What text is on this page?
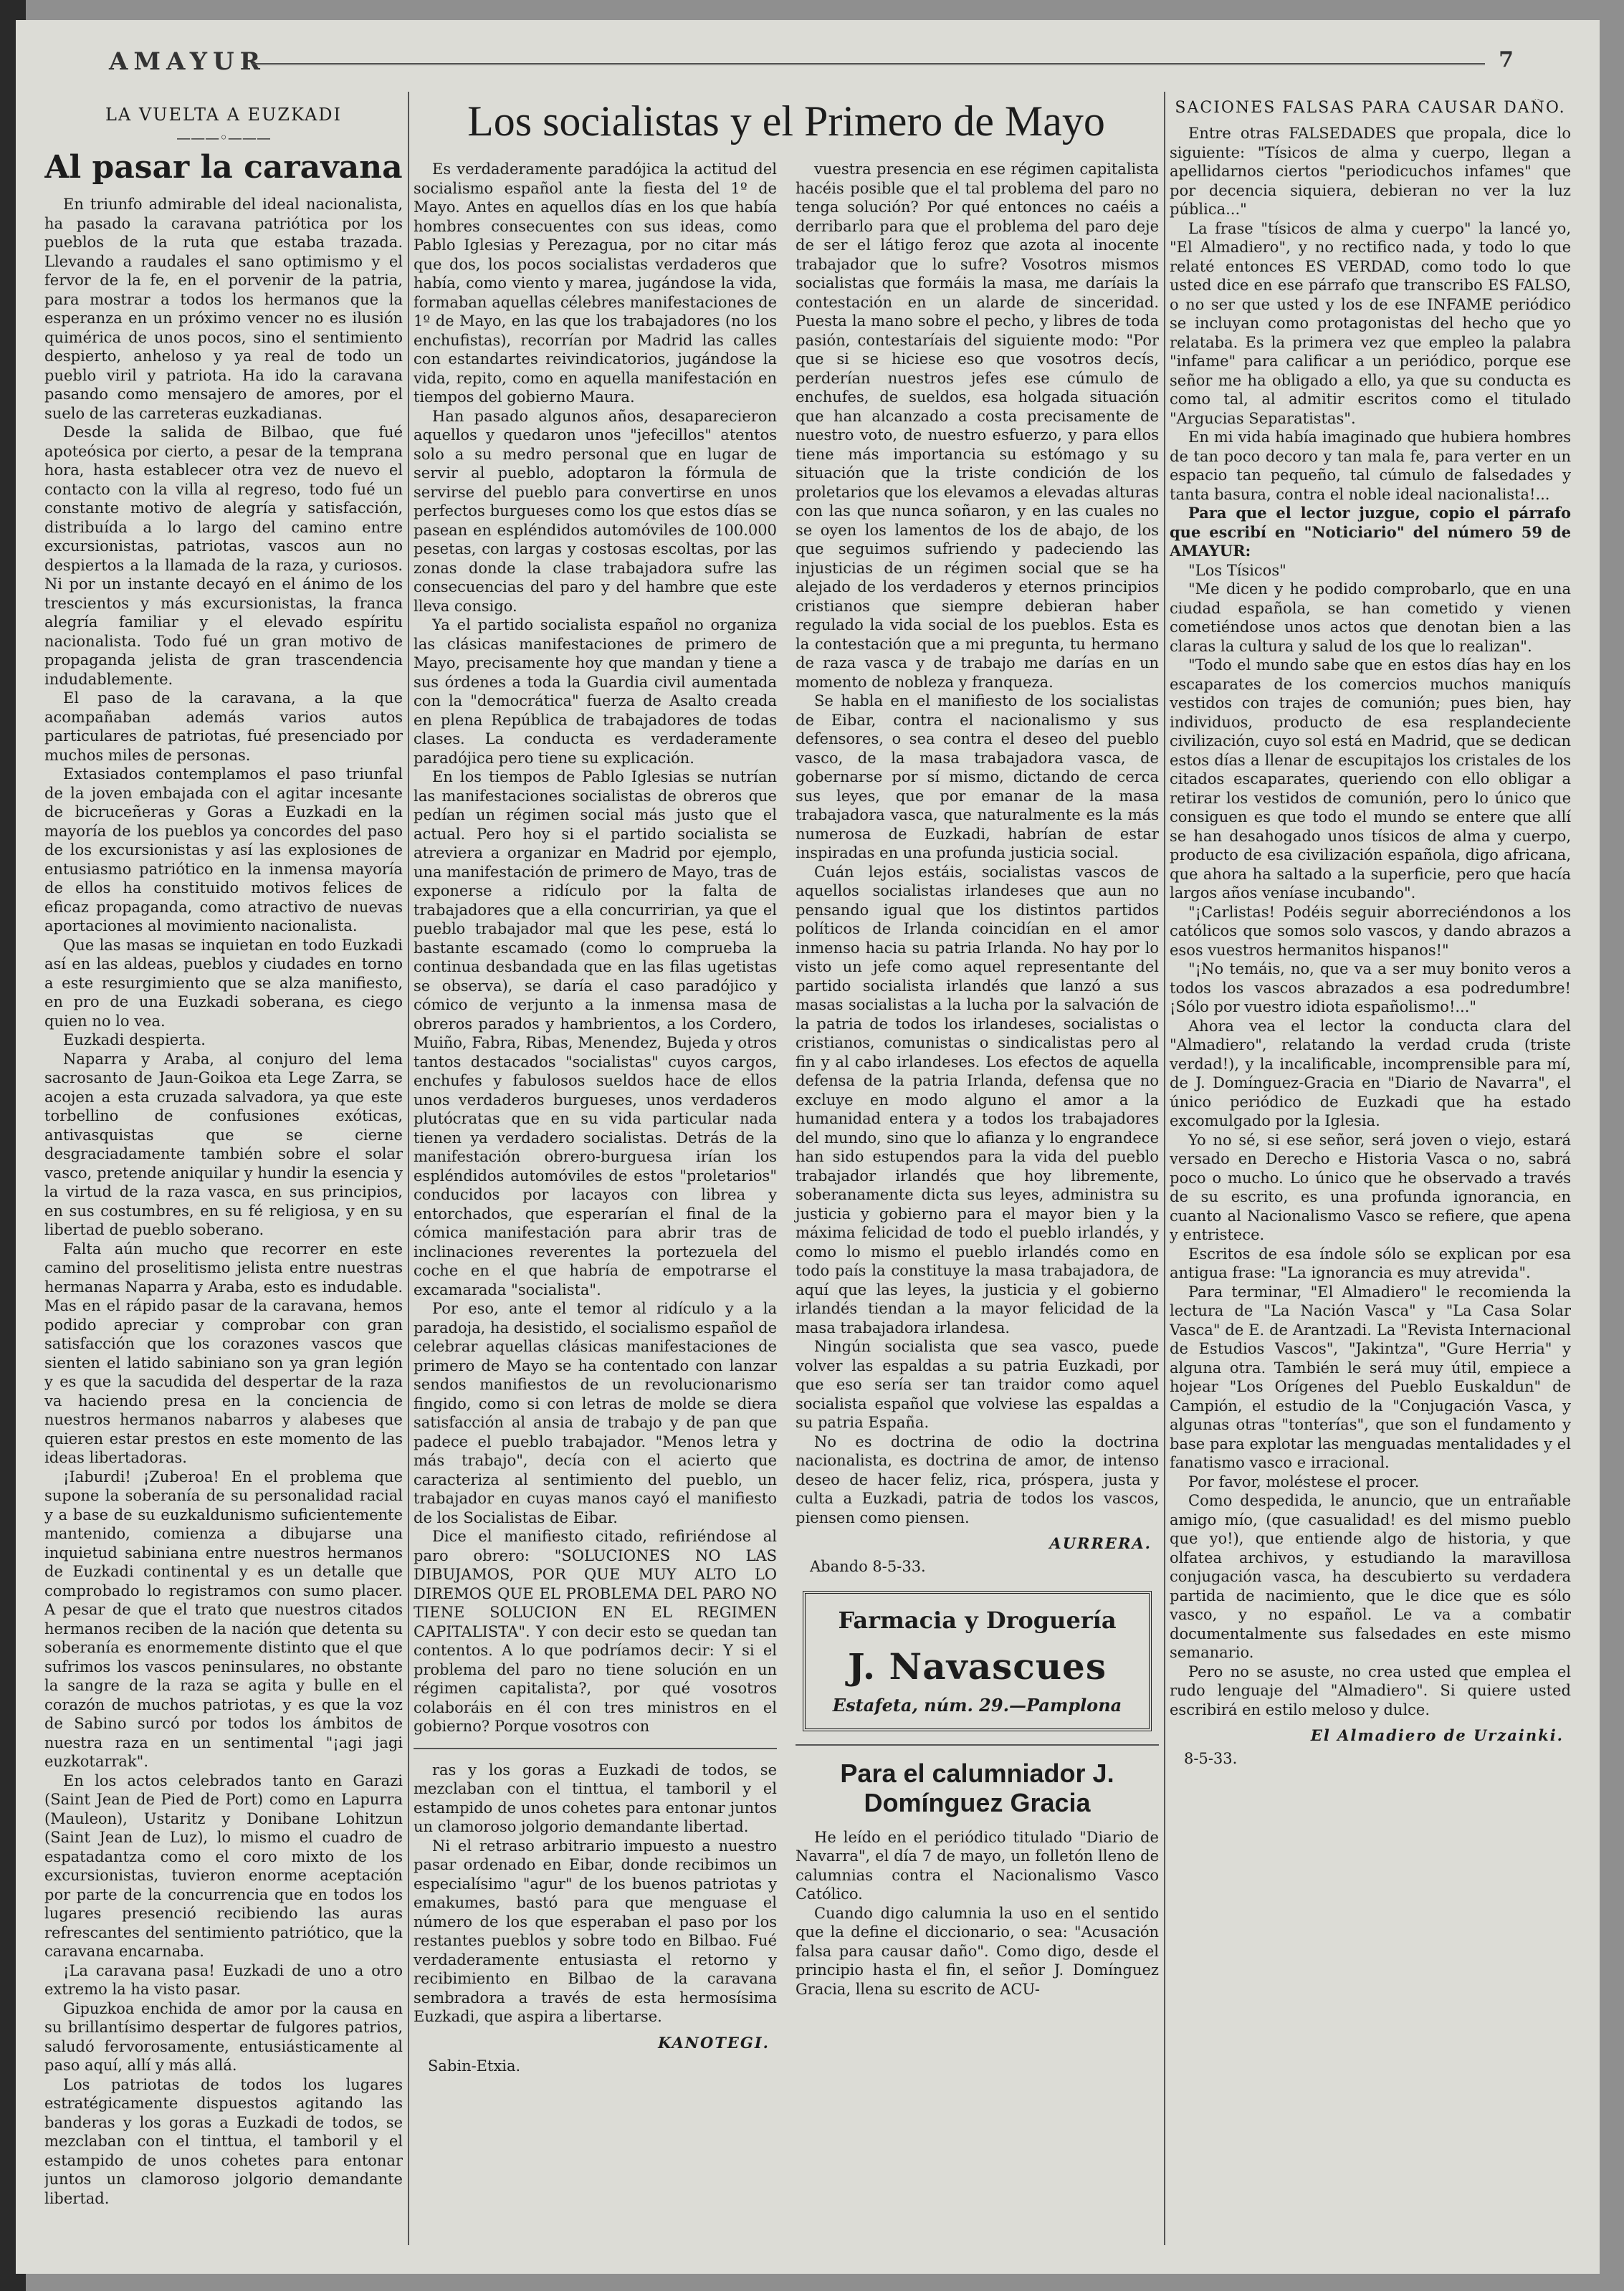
AMAYUR	7
LA VUELTA A EUZKADI
———◦———
Al pasar la caravana

En triunfo admirable del ideal nacionalista, ha pasado la caravana patriótica por los pueblos de la ruta que estaba trazada. Llevando a raudales el sano optimismo y el fervor de la fe, en el porvenir de la patria, para mostrar a todos los hermanos que la esperanza en un próximo vencer no es ilusión quimérica de unos pocos, sino el sentimiento despierto, anhelosо y ya real de todo un pueblo viril y patriota. Ha ido la caravana pasando como mensajero de amores, por el suelo de las carreteras euzkadianas.

Desde la salida de Bilbao, que fué apoteósica por cierto, a pesar de la temprana hora, hasta establecer otra vez de nuevo el contacto con la villa al regreso, todo fué un constante motivo de alegría y satisfacción, distribuída a lo largo del camino entre excursionistas, patriotas, vascos aun no despiertos a la llamada de la raza, y curiosos. Ni por un instante decayó en el ánimo de los trescientos y más excursionistas, la franca alegría familiar y el elevado espíritu nacionalista. Todo fué un gran motivo de propaganda jelista de gran trascendencia indudablemente.

El paso de la caravana, a la que acompañaban además varios autos particulares de patriotas, fué presenciado por muchos miles de personas.

Extasiados contemplamos el paso triunfal de la joven embajada con el agitar incesante de bicruceñeras y Goras a Euzkadi en la mayoría de los pueblos ya concordes del paso de los excursionistas y así las explosiones de entusiasmo patriótico en la inmensa mayoría de ellos ha constituido motivos felices de eficaz propaganda, como atractivo de nuevas aportaciones al movimiento nacionalista.

Que las masas se inquietan en todo Euzkadi así en las aldeas, pueblos y ciudades en torno a este resurgimiento que se alza manifiesto, en pro de una Euzkadi soberana, es ciego quien no lo vea.

Euzkadi despierta.

Naparra y Araba, al conjuro del lema sacrosanto de Jaun-Goikoa eta Lege Zarra, se acojen a esta cruzada salvadora, ya que este torbellino de confusiones exóticas, antivasquistas que se cierne desgraciadamente también sobre el solar vasco, pretende aniquilar y hundir la esencia y la virtud de la raza vasca, en sus principios, en sus costumbres, en su fé religiosa, y en su libertad de pueblo soberano.

Falta aún mucho que recorrer en este camino del proselitismo jelista entre nuestras hermanas Naparra y Araba, esto es indudable. Mas en el rápido pasar de la caravana, hemos podido apreciar y comprobar con gran satisfacción que los corazones vascos que sienten el latido sabiniano son ya gran legión y es que la sacudida del despertar de la raza va haciendo presa en la conciencia de nuestros hermanos nabarros y alabeses que quieren estar prestos en este momento de las ideas libertadoras.

¡Iaburdi! ¡Zuberoa! En el problema que supone la soberanía de su personalidad racial y a base de su euzkaldunismo suficientemente mantenido, comienza a dibujarse una inquietud sabiniana entre nuestros hermanos de Euzkadi continental y es un detalle que comprobado lo registramos con sumo placer. A pesar de que el trato que nuestros citados hermanos reciben de la nación que detenta su soberanía es enormemente distinto que el que sufrimos los vascos peninsulares, no obstante la sangre de la raza se agita y bulle en el corazón de muchos patriotas, y es que la voz de Sabino surcó por todos los ámbitos de nuestra raza en un sentimental "¡agi jagi euzkotarrak".

En los actos celebrados tanto en Garazi (Saint Jean de Pied de Port) como en Lapurra (Mauleon), Ustaritz y Donibane Lohitzun (Saint Jean de Luz), lo mismo el cuadro de espatadantza como el coro mixto de los excursionistas, tuvieron enorme aceptación por parte de la concurrencia que en todos los lugares presenció recibiendo las auras refrescantes del sentimiento patriótico, que la caravana encarnaba.

¡La caravana pasa! Euzkadi de uno a otro extremo la ha visto pasar.

Gipuzkoa enchida de amor por la causa en su brillantísimo despertar de fulgores patrios, saludó fervorosamente, entusiásticamente al paso aquí, allí y más allá.

Los patriotas de todos los lugares estratégicamente dispuestos agitando las banderas y los goras a Euzkadi de todos, se mezclaban con el tinttua, el tamboril y el estampido de unos cohetes para entonar juntos un clamoroso jolgorio demandante libertad.

Los socialistas y el Primero de Mayo

Es verdaderamente paradójica la actitud del socialismo español ante la fiesta del 1º de Mayo. Antes en aquellos días en los que había hombres consecuentes con sus ideas, como Pablo Iglesias y Perezagua, por no citar más que dos, los pocos socialistas verdaderos que había, como viento y marea, jugándose la vida, formaban aquellas célebres manifestaciones de 1º de Mayo, en las que los trabajadores (no los enchufistas), recorrían por Madrid las calles con estandartes reivindicatorios, jugándose la vida, repito, como en aquella manifestación en tiempos del gobierno Maura.

Han pasado algunos años, desaparecieron aquellos y quedaron unos "jefecillos" atentos solo a su medro personal que en lugar de servir al pueblo, adoptaron la fórmula de servirse del pueblo para convertirse en unos perfectos burgueses como los que estos días se pasean en espléndidos automóviles de 100.000 pesetas, con largas y costosas escoltas, por las zonas donde la clase trabajadora sufre las consecuencias del paro y del hambre que este lleva consigo.

Ya el partido socialista español no organiza las clásicas manifestaciones de primero de Mayo, precisamente hoy que mandan y tiene a sus órdenes a toda la Guardia civil aumentada con la "democrática" fuerza de Asalto creada en plena República de trabajadores de todas clases. La conducta es verdaderamente paradójica pero tiene su explicación.

En los tiempos de Pablo Iglesias se nutrían las manifestaciones socialistas de obreros que pedían un régimen social más justo que el actual. Pero hoy si el partido socialista se atreviera a organizar en Madrid por ejemplo, una manifestación de primero de Mayo, tras de exponerse a ridículo por la falta de trabajadores que a ella concurririan, ya que el pueblo trabajador mal que les pese, está lo bastante escamado (como lo comprueba la continua desbandada que en las filas ugetistas se observa), se daría el caso paradójico y cómico de verjunto a la inmensa masa de obreros parados y hambrientos, a los Cordero, Muiño, Fabra, Ribas, Menendez, Bujeda y otros tantos destacados "socialistas" cuyos cargos, enchufes y fabulosos sueldos hace de ellos unos verdaderos burgueses, unos verdaderos plutócratas que en su vida particular nada tienen ya verdadero socialistas. Detrás de la manifestación obrero-burguesa irían los espléndidos automóviles de estos "proletarios" conducidos por lacayos con librea y entorchados, que esperarían el final de la cómica manifestación para abrir tras de inclinaciones reverentes la portezuela del coche en el que habría de empotrarse el excamarada "socialista".

Por eso, ante el temor al ridículo y a la paradoja, ha desistido, el socialismo español de celebrar aquellas clásicas manifestaciones de primero de Mayo se ha contentado con lanzar sendos manifiestos de un revolucionarismo fingido, como si con letras de molde se diera satisfacción al ansia de trabajo y de pan que padece el pueblo trabajador. "Menos letra y más trabajo", decía con el acierto que caracteriza al sentimiento del pueblo, un trabajador en cuyas manos cayó el manifiesto de los Socialistas de Eibar.

Dice el manifiesto citado, refiriéndose al paro obrero: "SOLUCIONES NO LAS DIBUJAMOS, POR QUE MUY ALTO LO DIREMOS QUE EL PROBLEMA DEL PARO NO TIENE SOLUCION EN EL REGIMEN CAPITALISTA". Y con decir esto se quedan tan contentos. A lo que podríamos decir: Y si el problema del paro no tiene solución en un régimen capitalista?, por qué vosotros colaboráis en él con tres ministros en el gobierno? Porque vosotros con

ras y los goras a Euzkadi de todos, se mezclaban con el tinttua, el tamboril y el estampido de unos cohetes para entonar juntos un clamoroso jolgorio demandante libertad.

Ni el retraso arbitrario impuesto a nuestro pasar ordenado en Eibar, donde recibimos un especialísimo "agur" de los buenos patriotas y emakumes, bastó para que menguase el número de los que esperaban el paso por los restantes pueblos y sobre todo en Bilbao. Fué verdaderamente entusiasta el retorno y recibimiento en Bilbao de la caravana sembradora a través de esta hermosísima Euzkadi, que aspira a libertarse.

KANOTEGI.
Sabin-Etxia.

vuestra presencia en ese régimen capitalista hacéis posible que el tal problema del paro no tenga solución? Por qué entonces no caéis a derribarlo para que el problema del paro deje de ser el látigo feroz que azota al inocente trabajador que lo sufre? Vosotros mismos socialistas que formáis la masa, me daríais la contestación en un alarde de sinceridad. Puesta la mano sobre el pecho, y libres de toda pasión, contestaríais del siguiente modo: "Por que si se hiciese eso que vosotros decís, perderían nuestros jefes ese cúmulo de enchufes, de sueldos, esa holgada situación que han alcanzado a costa precisamente de nuestro voto, de nuestro esfuerzo, y para ellos tiene más importancia su estómago y su situación que la triste condición de los proletarios que los elevamos a elevadas alturas con las que nunca soñaron, y en las cuales no se oyen los lamentos de los de abajo, de los que seguimos sufriendo y padeciendo las injusticias de un régimen social que se ha alejado de los verdaderos y eternos principios cristianos que siempre debieran haber regulado la vida social de los pueblos. Esta es la contestación que a mi pregunta, tu hermano de raza vasca y de trabajo me darías en un momento de nobleza y franqueza.

Se habla en el manifiesto de los socialistas de Eibar, contra el nacionalismo y sus defensores, o sea contra el deseo del pueblo vasco, de la masa trabajadora vasca, de gobernarse por sí mismo, dictando de cerca sus leyes, que por emanar de la masa trabajadora vasca, que naturalmente es la más numerosa de Euzkadi, habrían de estar inspiradas en una profunda justicia social.

Cuán lejos estáis, socialistas vascos de aquellos socialistas irlandeses que aun no pensando igual que los distintos partidos políticos de Irlanda coincidían en el amor inmenso hacia su patria Irlanda. No hay por lo visto un jefe como aquel representante del partido socialista irlandés que lanzó a sus masas socialistas a la lucha por la salvación de la patria de todos los irlandeses, socialistas o cristianos, comunistas o sindicalistas pero al fin y al cabo irlandeses. Los efectos de aquella defensa de la patria Irlanda, defensa que no excluye en modo alguno el amor a la humanidad entera y a todos los trabajadores del mundo, sino que lo afianza y lo engrandece han sido estupendos para la vida del pueblo trabajador irlandés que hoy libremente, soberanamente dicta sus leyes, administra su justicia y gobierno para el mayor bien y la máxima felicidad de todo el pueblo irlandés, y como lo mismo el pueblo irlandés como en todo país la constituye la masa trabajadora, de aquí que las leyes, la justicia y el gobierno irlandés tiendan a la mayor felicidad de la masa trabajadora irlandesa.

Ningún socialista que sea vasco, puede volver las espaldas a su patria Euzkadi, por que eso sería ser tan traidor como aquel socialista español que volviese las espaldas a su patria España.

No es doctrina de odio la doctrina nacionalista, es doctrina de amor, de intenso deseo de hacer feliz, rica, próspera, justa y culta a Euzkadi, patria de todos los vascos, piensen como piensen.

AURRERA.
Abando 8-5-33.
Farmacia y Droguería
J. Navascues
Estafeta, núm. 29.—Pamplona
Para el calumniador J. Domínguez Gracia

He leído en el periódico titulado "Diario de Navarra", el día 7 de mayo, un folletón lleno de calumnias contra el Nacionalismo Vasco Católico.

Cuando digo calumnia la uso en el sentido que la define el diccionario, o sea: "Acusación falsa para causar daño". Como digo, desde el principio hasta el fin, el señor J. Domínguez Gracia, llena su escrito de ACU-

SACIONES FALSAS PARA CAUSAR DAÑO.

Entre otras FALSEDADES que propala, dice lo siguiente: "Tísicos de alma y cuerpo, llegan a apellidarnos ciertos "periodicuchos infames" que por decencia siquiera, debieran no ver la luz pública..."

La frase "tísicos de alma y cuerpo" la lancé yo, "El Almadiero", y no rectifico nada, y todo lo que relaté entonces ES VERDAD, como todo lo que usted dice en ese párrafo que transcribo ES FALSO, o no ser que usted y los de ese INFAME periódico se incluyan como protagonistas del hecho que yo relataba. Es la primera vez que empleo la palabra "infame" para calificar a un periódico, porque ese señor me ha obligado a ello, ya que su conducta es como tal, al admitir escritos como el titulado "Argucias Separatistas".

En mi vida había imaginado que hubiera hombres de tan poco decoro y tan mala fe, para verter en un espacio tan pequeño, tal cúmulo de falsedades y tanta basura, contra el noble ideal nacionalista!...

Para que el lector juzgue, copio el párrafo que escribí en "Noticiario" del número 59 de AMAYUR:

"Los Tísicos"

"Me dicen y he podido comprobarlo, que en una ciudad española, se han cometido y vienen cometiéndose unos actos que denotan bien a las claras la cultura y salud de los que lo realizan".

"Todo el mundo sabe que en estos días hay en los escaparates de los comercios muchos maniquís vestidos con trajes de comunión; pues bien, hay individuos, producto de esa resplandeciente civilización, cuyo sol está en Madrid, que se dedican estos días a llenar de escupitajos los cristales de los citados escaparates, queriendo con ello obligar a retirar los vestidos de comunión, pero lo único que consiguen es que todo el mundo se entere que allí se han desahogado unos tísicos de alma y cuerpo, producto de esa civilización española, digo africana, que ahora ha saltado a la superficie, pero que hacía largos años veníase incubando".

"¡Carlistas! Podéis seguir aborreciéndonos a los católicos que somos solo vascos, y dando abrazos a esos vuestros hermanitos hispanos!"

"¡No temáis, no, que va a ser muy bonito veros a todos los vascos abrazados a esa podredumbre! ¡Sólo por vuestro idiota españolismo!..."

Ahora vea el lector la conducta clara del "Almadiero", relatando la verdad cruda (triste verdad!), y la incalificable, incomprensible para mí, de J. Domínguez-Gracia en "Diario de Navarra", el único periódico de Euzkadi que ha estado excomulgado por la Iglesia.

Yo no sé, si ese señor, será joven o viejo, estará versado en Derecho e Historia Vasca o no, sabrá poco o mucho. Lo único que he observado a través de su escrito, es una profunda ignorancia, en cuanto al Nacionalismo Vasco se refiere, que apena y entristece.

Escritos de esa índole sólo se explican por esa antigua frase: "La ignorancia es muy atrevida".

Para terminar, "El Almadiero" le recomienda la lectura de "La Nación Vasca" y "La Casa Solar Vasca" de E. de Arantzadi. La "Revista Internacional de Estudios Vascos", "Jakintza", "Gure Herria" y alguna otra. También le será muy útil, empiece a hojear "Los Orígenes del Pueblo Euskaldun" de Campión, el estudio de la "Conjugación Vasca, y algunas otras "tonterías", que son el fundamento y base para explotar las menguadas mentalidades y el fanatismo vasco e irracional.

Por favor, moléstese el procer.

Como despedida, le anuncio, que un entrañable amigo mío, (que casualidad! es del mismo pueblo que yo!), que entiende algo de historia, y que olfatea archivos, y estudiando la maravillosa conjugación vasca, ha descubierto su verdadera partida de nacimiento, que le dice que es sólo vasco, y no español. Le va a combatir documentalmente sus falsedades en este mismo semanario.

Pero no se asuste, no crea usted que emplea el rudo lenguaje del "Almadiero". Si quiere usted escribirá en estilo meloso y dulce.

El Almadiero de Urzainki.
8-5-33.
